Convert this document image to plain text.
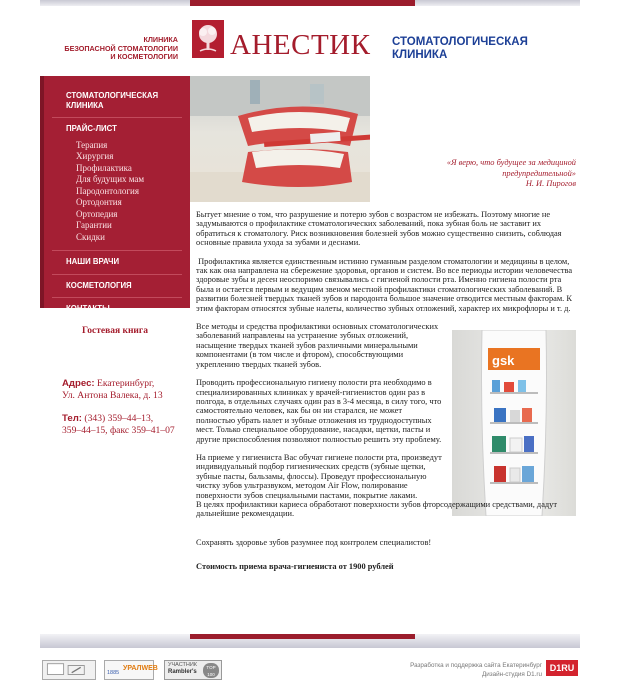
КЛИНИКА
БЕЗОПАСНОЙ СТОМАТОЛОГИИ
И КОСМЕТОЛОГИИ АНЕСТИК СТОМАТОЛОГИЧЕСКАЯ
КЛИНИКА
СТОМАТОЛОГИЧЕСКАЯ
КЛИНИКА
ПРАЙС-ЛИСТ
Терапия
Хирургия
Профилактика
Для будущих мам
Пародонтология
Ортодонтия
Ортопедия
Гарантии
Скидки
НАШИ ВРАЧИ
КОСМЕТОЛОГИЯ
КОНТАКТЫ
Гостевая книга
Адрес: Екатеринбург,
Ул. Антона Валека, д. 13
Тел: (343) 359–44–13,
359–44–15, факс 359–41–07
«Я верю, что будущее за медициной
предупредительной»
Н. И. Пирогов
gsk

Бытует мнение о том, что разрушение и потерю зубов с возрастом не избежать. Поэтому многие не задумываются о профилактике стоматологических заболеваний, пока зубная боль не заставит их обратиться к стоматологу. Риск возникновения болезней зубов можно существенно снизить, соблюдая основные правила ухода за зубами и деснами.

Профилактика является единственным истинно гуманным разделом стоматологии и медицины в целом, так как она направлена на сбережение здоровья, органов и систем. Во все периоды истории человечества здоровые зубы и десен неоспоримо связывались с гигиеной полости рта. Именно гигиена полости рта была и остается первым и ведущим звеном местной профилактики стоматологических заболеваний. В развитии болезней твердых тканей зубов и пародонта большое значение отводится местным факторам. К этим факторам относятся зубные налеты, количество зубных отложений, характер их микрофлоры и т. д.

Все методы и средства профилактики основных стоматологических заболеваний направлены на устранение зубных отложений, насыщение твердых тканей зубов различными минеральными компонентами (в том числе и фтором), способствующими укреплению твердых тканей зубов.

Проводить профессиональную гигиену полости рта необходимо в специализированных клиниках у врачей-гигиенистов один раз в полгода, в отдельных случаях один раз в 3-4 месяца, в силу того, что самостоятельно человек, как бы он ни старался, не может полностью убрать налет и зубные отложения из труднодоступных мест. Только специальное оборудование, насадки, щетки, пасты и другие приспособления позволяют полностью решить эту проблему.

На приеме у гигиениста Вас обучат гигиене полости рта, произведут индивидуальный подбор гигиенических средств (зубные щетки, зубные пасты, бальзамы, флоссы). Проведут профессиональную чистку зубов ультразвуком, методом Air Flow, полирование поверхности зубов специальными пастами, покрытие лаками.

В целях профилактики кариеса обработают поверхности зубов фторсодержащими средствами, дадут дальнейшие рекомендации.

Сохранять здоровье зубов разумнее под контролем специалистов!

Стоимость приема врача-гигиениста от 1900 рублей

1885
УРАЛWEB УЧАСТНИК
Rambler's
TOP 100
Разработка и поддержка сайта Екатеринбург
Дизайн-студия D1.ru
D1RU
